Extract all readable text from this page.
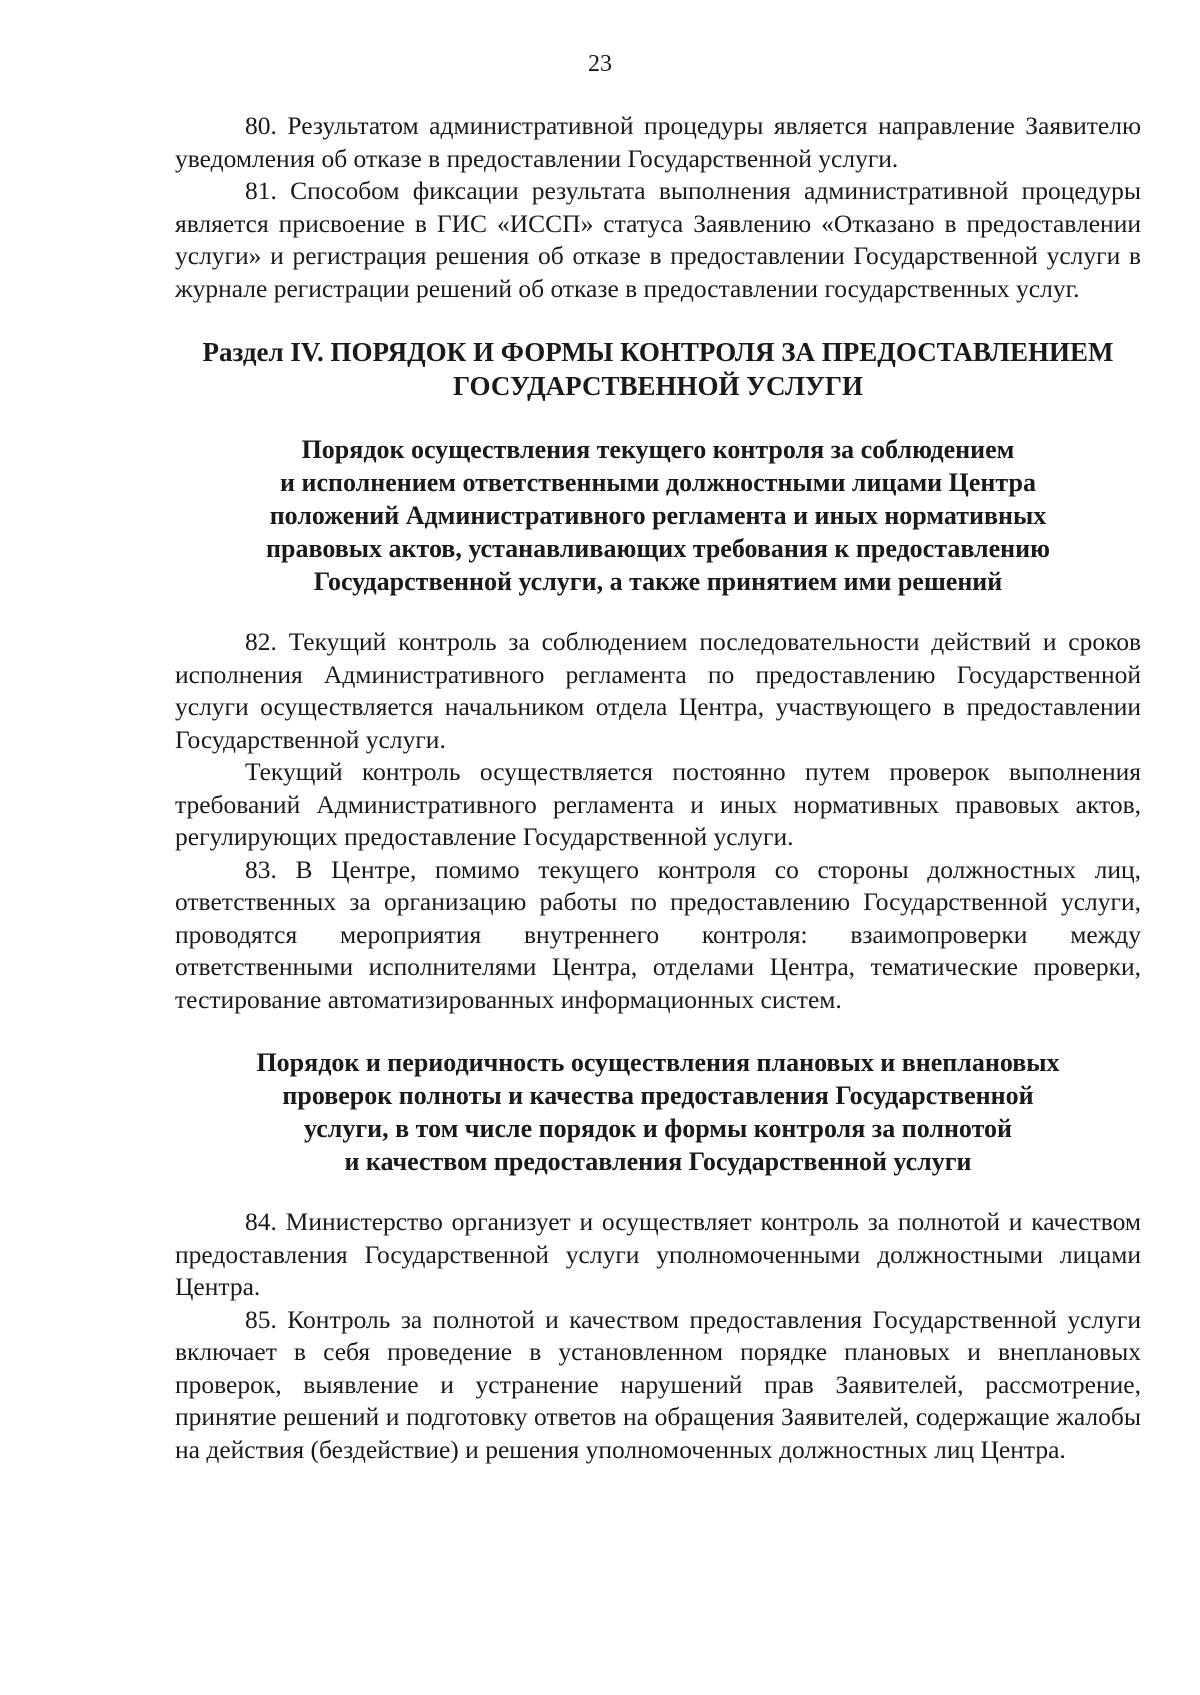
23

80. Результатом административной процедуры является направление Заявителю уведомления об отказе в предоставлении Государственной услуги.

81. Способом фиксации результата выполнения административной процедуры является присвоение в ГИС «ИССП» статуса Заявлению «Отказано в предоставлении услуги» и регистрация решения об отказе в предоставлении Государственной услуги в журнале регистрации решений об отказе в предоставлении государственных услуг.

Раздел IV. ПОРЯДОК И ФОРМЫ КОНТРОЛЯ ЗА ПРЕДОСТАВЛЕНИЕМ
ГОСУДАРСТВЕННОЙ УСЛУГИ
Порядок осуществления текущего контроля за соблюдением
и исполнением ответственными должностными лицами Центра
положений Административного регламента и иных нормативных
правовых актов, устанавливающих требования к предоставлению
Государственной услуги, а также принятием ими решений

82. Текущий контроль за соблюдением последовательности действий и сроков исполнения Административного регламента по предоставлению Государственной услуги осуществляется начальником отдела Центра, участвующего в предоставлении Государственной услуги.

Текущий контроль осуществляется постоянно путем проверок выполнения требований Административного регламента и иных нормативных правовых актов, регулирующих предоставление Государственной услуги.

83. В Центре, помимо текущего контроля со стороны должностных лиц, ответственных за организацию работы по предоставлению Государственной услуги, проводятся мероприятия внутреннего контроля: взаимопроверки между ответственными исполнителями Центра, отделами Центра, тематические проверки, тестирование автоматизированных информационных систем.

Порядок и периодичность осуществления плановых и внеплановых
проверок полноты и качества предоставления Государственной
услуги, в том числе порядок и формы контроля за полнотой
и качеством предоставления Государственной услуги

84. Министерство организует и осуществляет контроль за полнотой и качеством предоставления Государственной услуги уполномоченными должностными лицами Центра.

85. Контроль за полнотой и качеством предоставления Государственной услуги включает в себя проведение в установленном порядке плановых и внеплановых проверок, выявление и устранение нарушений прав Заявителей, рассмотрение, принятие решений и подготовку ответов на обращения Заявителей, содержащие жалобы на действия (бездействие) и решения уполномоченных должностных лиц Центра.
